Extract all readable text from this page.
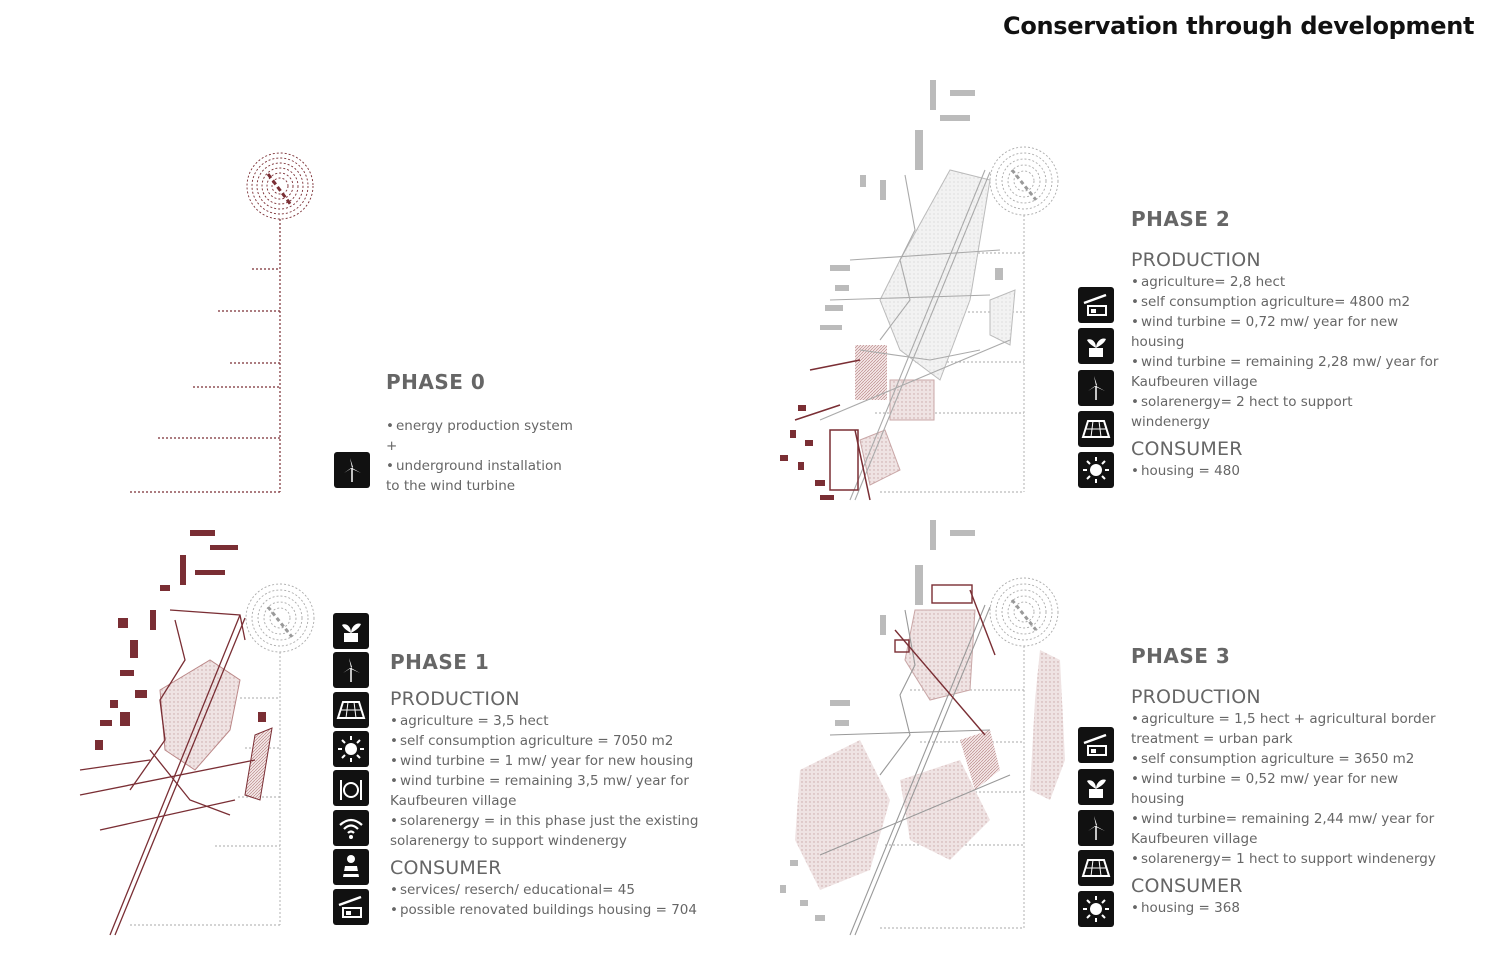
Conservation through development
PHASE 0
• energy production system
+
• underground installation
to the wind turbine
PHASE 1
PRODUCTION
• agriculture = 3,5 hect
• self consumption agriculture = 7050 m2
• wind turbine = 1 mw/ year for new housing
• wind turbine = remaining 3,5 mw/ year for
Kaufbeuren village
• solarenergy = in this phase just the existing
solarenergy to support windenergy
CONSUMER
• services/ reserch/ educational= 45
• possible renovated buildings housing = 704
PHASE 2
PRODUCTION
• agriculture= 2,8 hect
• self consumption agriculture= 4800 m2
• wind turbine = 0,72 mw/ year for new
housing
• wind turbine = remaining 2,28 mw/ year for
Kaufbeuren village
• solarenergy= 2 hect to support
windenergy
CONSUMER
• housing = 480
PHASE 3
PRODUCTION
• agriculture = 1,5 hect + agricultural border
treatment = urban park
• self consumption agriculture = 3650 m2
• wind turbine = 0,52 mw/ year for new
housing
• wind turbine= remaining 2,44 mw/ year for
Kaufbeuren village
• solarenergy= 1 hect to support windenergy
CONSUMER
• housing = 368
